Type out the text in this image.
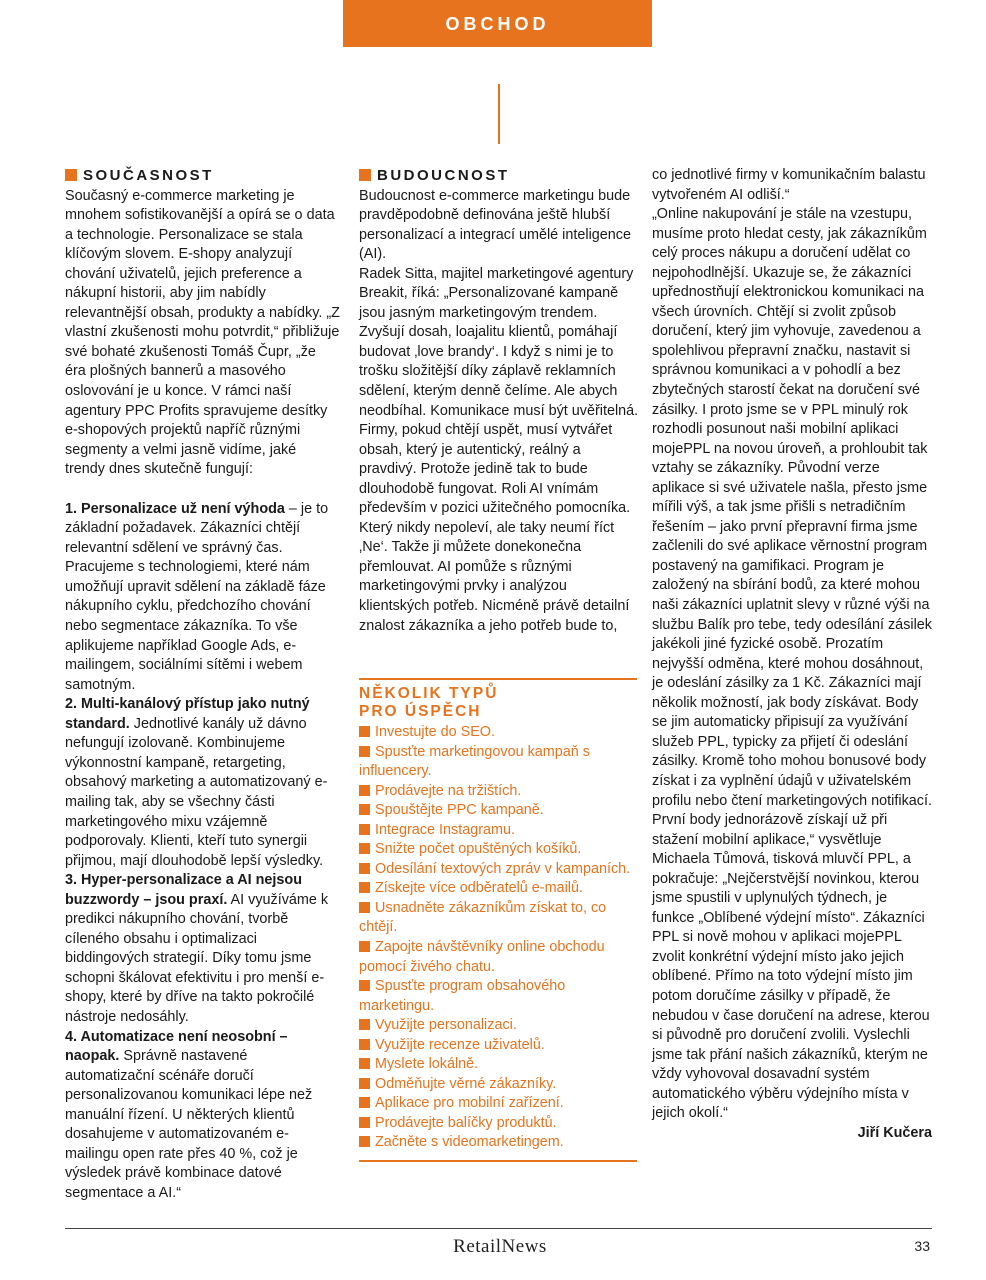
OBCHOD

SOUČASNOST

Současný e-commerce marketing je mnohem sofistikovanější a opírá se o data a technologie. Personalizace se stala klíčovým slovem. E-shopy analyzují chování uživatelů, jejich preference a nákupní historii, aby jim nabídly relevantnější obsah, produkty a nabídky. „Z vlastní zkušenosti mohu potvrdit,“ přibližuje své bohaté zkušenosti Tomáš Čupr, „že éra plošných bannerů a masového oslovování je u konce. V rámci naší agentury PPC Profits spravujeme desítky e-shopových projektů napříč různými segmenty a velmi jasně vidíme, jaké trendy dnes skutečně fungují:

1. Personalizace už není výhoda – je to základní požadavek. Zákazníci chtějí relevantní sdělení ve správný čas. Pracujeme s technologiemi, které nám umožňují upravit sdělení na základě fáze nákupního cyklu, předchozího chování nebo segmentace zákazníka. To vše aplikujeme například Google Ads, e-mailingem, sociálními sítěmi i webem samotným.

2. Multi-kanálový přístup jako nutný standard. Jednotlivé kanály už dávno nefungují izolovaně. Kombinujeme výkonnostní kampaně, retargeting, obsahový marketing a automatizovaný e-mailing tak, aby se všechny části marketingového mixu vzájemně podporovaly. Klienti, kteří tuto synergii přijmou, mají dlouhodobě lepší výsledky.

3. Hyper-personalizace a AI nejsou buzzwordy – jsou praxí. AI využíváme k predikci nákupního chování, tvorbě cíleného obsahu i optimalizaci biddingových strategií. Díky tomu jsme schopni škálovat efektivitu i pro menší e-shopy, které by dříve na takto pokročilé nástroje nedosáhly.

4. Automatizace není neosobní – naopak. Správně nastavené automatizační scénáře doručí personalizovanou komunikaci lépe než manuální řízení. U některých klientů dosahujeme v automatizovaném e-mailingu open rate přes 40 %, což je výsledek právě kombinace datové segmentace a AI.“

BUDOUCNOST

Budoucnost e-commerce marketingu bude pravděpodobně definována ještě hlubší personalizací a integrací umělé inteligence (AI).

Radek Sitta, majitel marketingové agentury Breakit, říká: „Personalizované kampaně jsou jasným marketingovým trendem. Zvyšují dosah, loajalitu klientů, pomáhají budovat ‚love brandy‘. I když s nimi je to trošku složitější díky záplavě reklamních sdělení, kterým denně čelíme. Ale abych neodbíhal. Komunikace musí být uvěřitelná. Firmy, pokud chtějí uspět, musí vytvářet obsah, který je autentický, reálný a pravdivý. Protože jedině tak to bude dlouhodobě fungovat. Roli AI vnímám především v pozici užitečného pomocníka. Který nikdy nepoleví, ale taky neumí říct ‚Ne‘. Takže ji můžete donekonečna přemlouvat. AI pomůže s různými marketingovými prvky i analýzou klientských potřeb. Nicméně právě detailní znalost zákazníka a jeho potřeb bude to,

NĚKOLIK TYPŮ
PRO ÚSPĚCH
Investujte do SEO.
Spusťte marketingovou kampaň s influencery.
Prodávejte na tržištích.
Spouštějte PPC kampaně.
Integrace Instagramu.
Snižte počet opuštěných košíků.
Odesílání textových zpráv v kampaních.
Získejte více odběratelů e-mailů.
Usnadněte zákazníkům získat to, co chtějí.
Zapojte návštěvníky online obchodu pomocí živého chatu.
Spusťte program obsahového marketingu.
Využijte personalizaci.
Využijte recenze uživatelů.
Myslete lokálně.
Odměňujte věrné zákazníky.
Aplikace pro mobilní zařízení.
Prodávejte balíčky produktů.
Začněte s videomarketingem.

co jednotlivé firmy v komunikačním balastu vytvořeném AI odliší.“

„Online nakupování je stále na vzestupu, musíme proto hledat cesty, jak zákazníkům celý proces nákupu a doručení udělat co nejpohodlnější. Ukazuje se, že zákazníci upřednostňují elektronickou komunikaci na všech úrovních. Chtějí si zvolit způsob doručení, který jim vyhovuje, zavedenou a spolehlivou přepravní značku, nastavit si správnou komunikaci a v pohodlí a bez zbytečných starostí čekat na doručení své zásilky. I proto jsme se v PPL minulý rok rozhodli posunout naši mobilní aplikaci mojePPL na novou úroveň, a prohloubit tak vztahy se zákazníky. Původní verze aplikace si své uživatele našla, přesto jsme mířili výš, a tak jsme přišli s netradičním řešením – jako první přepravní firma jsme začlenili do své aplikace věrnostní program postavený na gamifikaci. Program je založený na sbírání bodů, za které mohou naši zákazníci uplatnit slevy v různé výši na službu Balík pro tebe, tedy odesílání zásilek jakékoli jiné fyzické osobě. Prozatím nejvyšší odměna, které mohou dosáhnout, je odeslání zásilky za 1 Kč. Zákazníci mají několik možností, jak body získávat. Body se jim automaticky připisují za využívání služeb PPL, typicky za přijetí či odeslání zásilky. Kromě toho mohou bonusové body získat i za vyplnění údajů v uživatelském profilu nebo čtení marketingových notifikací. První body jednorázově získají už při stažení mobilní aplikace,“ vysvětluje Michaela Tůmová, tisková mluvčí PPL, a pokračuje: „Nejčerstvější novinkou, kterou jsme spustili v uplynulých týdnech, je funkce „Oblíbené výdejní místo“. Zákazníci PPL si nově mohou v aplikaci mojePPL zvolit konkrétní výdejní místo jako jejich oblíbené. Přímo na toto výdejní místo jim potom doručíme zásilky v případě, že nebudou v čase doručení na adrese, kterou si původně pro doručení zvolili. Vyslechli jsme tak přání našich zákazníků, kterým ne vždy vyhovoval dosavadní systém automatického výběru výdejního místa v jejich okolí.“

Jiří Kučera

RetailNews	33
